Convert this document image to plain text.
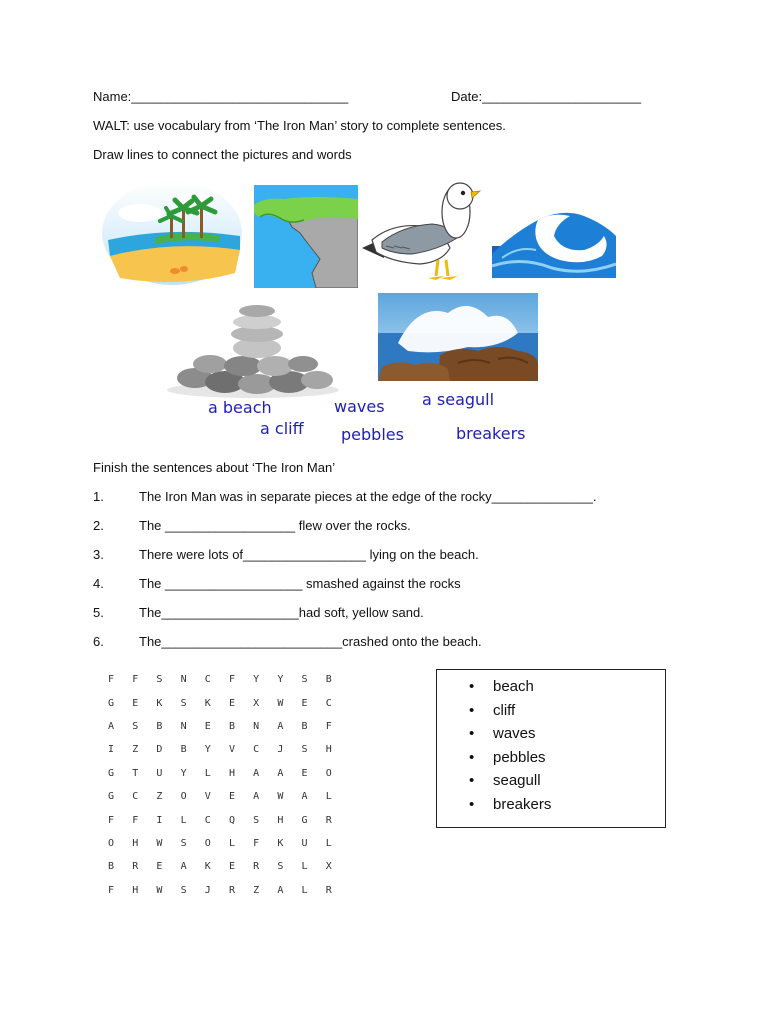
Name:______________________________	Date:______________________
WALT: use vocabulary from ‘The Iron Man’ story to complete sentences.
Draw lines to connect the pictures and words
a beach	waves a seagull
a cliff pebbles	breakers
Finish the sentences about ‘The Iron Man’
1.	The Iron Man was in separate pieces at the edge of the rocky______________.
2.	The __________________ flew over the rocks.
3.	There were lots of_________________ lying on the beach.
4.	The ___________________ smashed against the rocks
5.	The___________________had soft, yellow sand.
6.	The_________________________crashed onto the beach.
F	F	S	N	C	F	Y	Y	S	B
G	E	K	S	K	E	X	W	E	C
A	S	B	N	E	B	N	A	B	F
I	Z	D	B	Y	V	C	J	S	H
G	T	U	Y	L	H	A	A	E	O
G	C	Z	O	V	E	A	W	A	L
F	F	I	L	C	Q	S	H	G	R
O	H	W	S	O	L	F	K	U	L
B	R	E	A	K	E	R	S	L	X
F	H	W	S	J	R	Z	A	L	R
• beach
• cliff
• waves
• pebbles
• seagull
• breakers
